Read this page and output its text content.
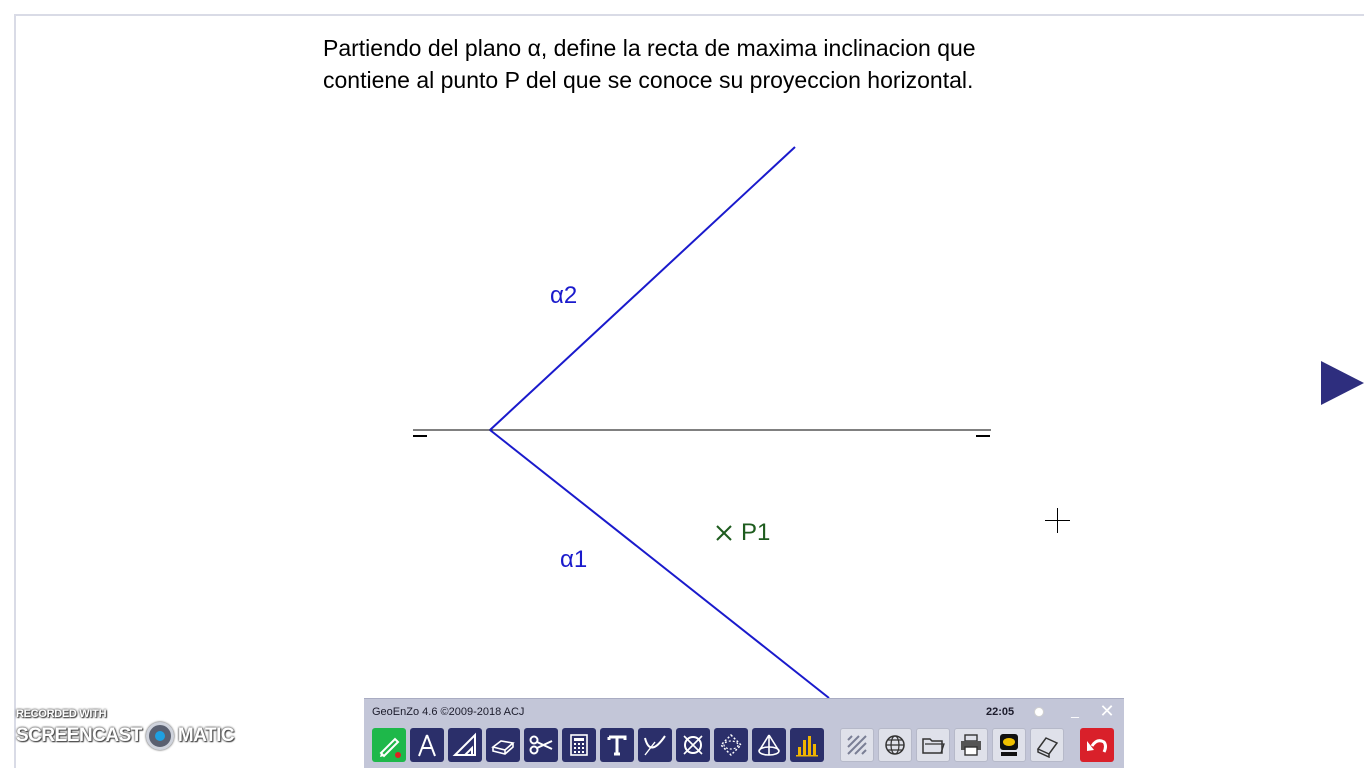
Partiendo del plano α, define la recta de maxima inclinacion que
contiene al punto P del que se conoce su proyeccion horizontal.
α2
α1
P1
RECORDED WITH
SCREENCAST MATIC
GeoEnZo 4.6 ©2009-2018 ACJ	22:05	_ ✕
